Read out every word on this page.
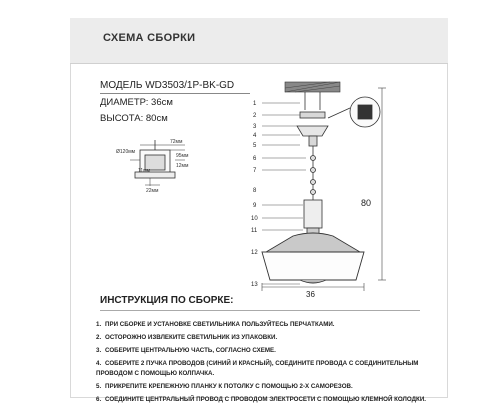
СХЕМА СБОРКИ
МОДЕЛЬ WD3503/1P-BK-GD
ДИАМЕТР: 36см
ВЫСОТА: 80см
72мм
Ø120мм
95мм
12мм
11мм
22мм
1
2
3
4
5
6
7
8
9
10
11
12
13
80
36
ИНСТРУКЦИЯ ПО СБОРКЕ:
1. ПРИ СБОРКЕ И УСТАНОВКЕ СВЕТИЛЬНИКА ПОЛЬЗУЙТЕСЬ ПЕРЧАТКАМИ.
2. ОСТОРОЖНО ИЗВЛЕКИТЕ СВЕТИЛЬНИК ИЗ УПАКОВКИ.
3. СОБЕРИТЕ ЦЕНТРАЛЬНУЮ ЧАСТЬ, СОГЛАСНО СХЕМЕ.
4. СОБЕРИТЕ 2 ПУЧКА ПРОВОДОВ (СИНИЙ И КРАСНЫЙ), СОЕДИНИТЕ ПРОВОДА С СОЕДИНИТЕЛЬНЫМ ПРОВОДОМ С ПОМОЩЬЮ КОЛПАЧКА.
5. ПРИКРЕПИТЕ КРЕПЕЖНУЮ ПЛАНКУ К ПОТОЛКУ С ПОМОЩЬЮ 2-Х САМОРЕЗОВ.
6. СОЕДИНИТЕ ЦЕНТРАЛЬНЫЙ ПРОВОД С ПРОВОДОМ ЭЛЕКТРОСЕТИ С ПОМОЩЬЮ КЛЕМНОЙ КОЛОДКИ.
